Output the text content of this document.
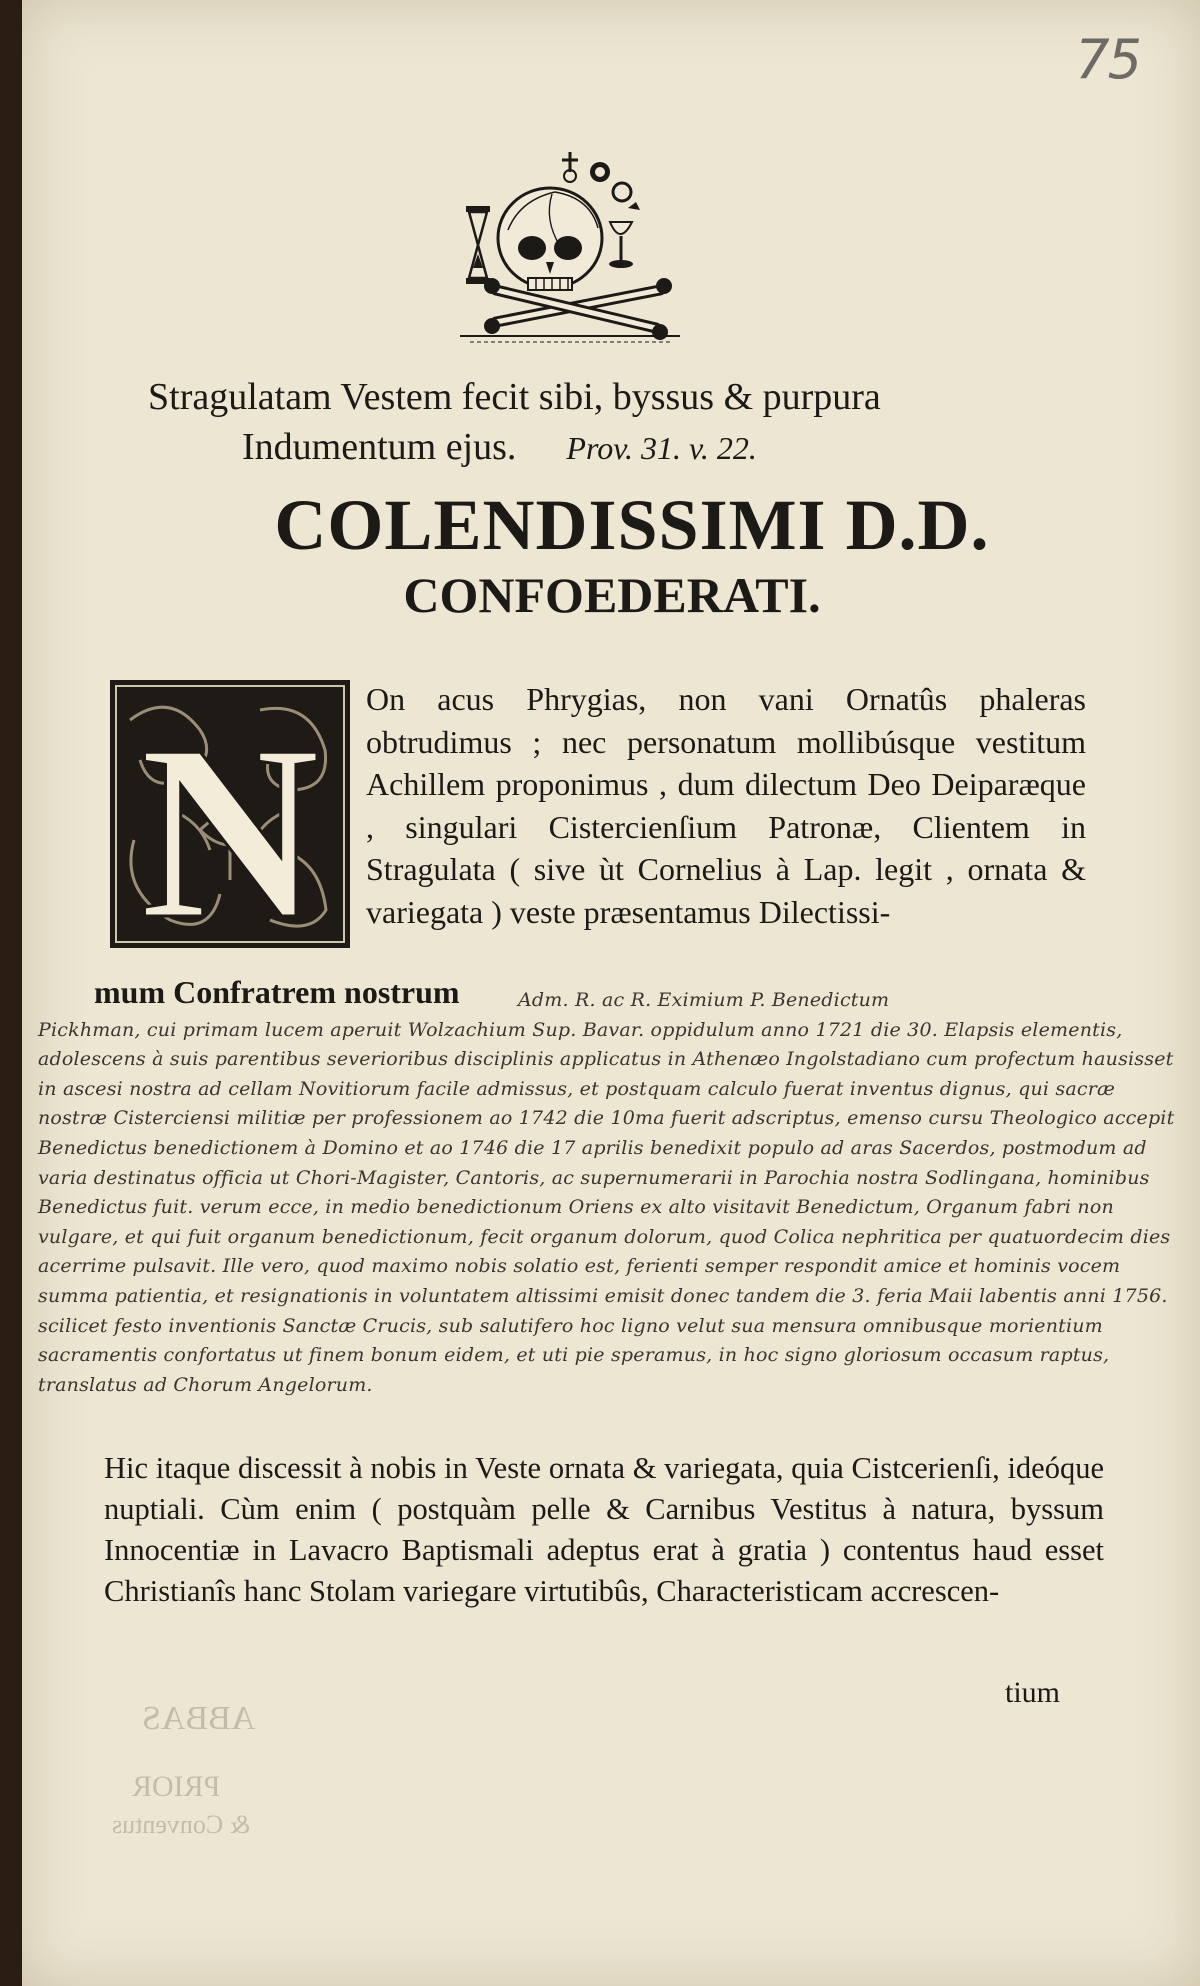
75
Stragulatam Vestem fecit sibi, byssus & purpura
Indumentum ejus. Prov. 31. v. 22.
COLENDISSIMI D.D.
CONFOEDERATI.
N On acus Phrygias, non vani Ornatûs phaleras obtrudimus ; nec personatum mollibúsque vestitum Achillem proponimus , dum dilectum Deo Deiparæque , singulari Cistercienſium Patronæ, Clientem in Stragulata ( sive ùt Cornelius à Lap. legit , ornata & variegata ) veste præsentamus Dilectissi-

mum Confratrem nostrum	Adm. R. ac R. Eximium P. Benedictum
Pickhman, cui primam lucem aperuit Wolzachium Sup. Bavar. oppidulum anno 1721 die 30. Elapsis elementis, adolescens à suis parentibus severioribus disciplinis applicatus in Athenæo Ingolstadiano cum profectum hausisset in ascesi nostra ad cellam Novitiorum facile admissus, et postquam calculo fuerat inventus dignus, qui sacræ nostræ Cisterciensi militiæ per professionem ao 1742 die 10ma fuerit adscriptus, emenso cursu Theologico accepit Benedictus benedictionem à Domino et ao 1746 die 17 aprilis benedixit populo ad aras Sacerdos, postmodum ad varia destinatus officia ut Chori-Magister, Cantoris, ac supernumerarii in Parochia nostra Sodlingana, hominibus Benedictus fuit. verum ecce, in medio benedictionum Oriens ex alto visitavit Benedictum, Organum fabri non vulgare, et qui fuit organum benedictionum, fecit organum dolorum, quod Colica nephritica per quatuordecim dies acerrime pulsavit. Ille vero, quod maximo nobis solatio est, ferienti semper respondit amice et hominis vocem summa patientia, et resignationis in voluntatem altissimi emisit donec tandem die 3. feria Maii labentis anni 1756. scilicet festo inventionis Sanctæ Crucis, sub salutifero hoc ligno velut sua mensura omnibusque morientium sacramentis confortatus ut finem bonum eidem, et uti pie speramus, in hoc signo gloriosum occasum raptus, translatus ad Chorum Angelorum.

Hic itaque discessit à nobis in Veste ornata & variegata, quia Cistcerienſi, ideóque nuptiali. Cùm enim ( postquàm pelle & Carnibus Vestitus à natura, byssum Innocentiæ in Lavacro Baptismali adeptus erat à gratia ) contentus haud esset Christianîs hanc Stolam variegare virtutibûs, Characteristicam accrescen-

tium

ABBAS

PRIOR

& Conventus
